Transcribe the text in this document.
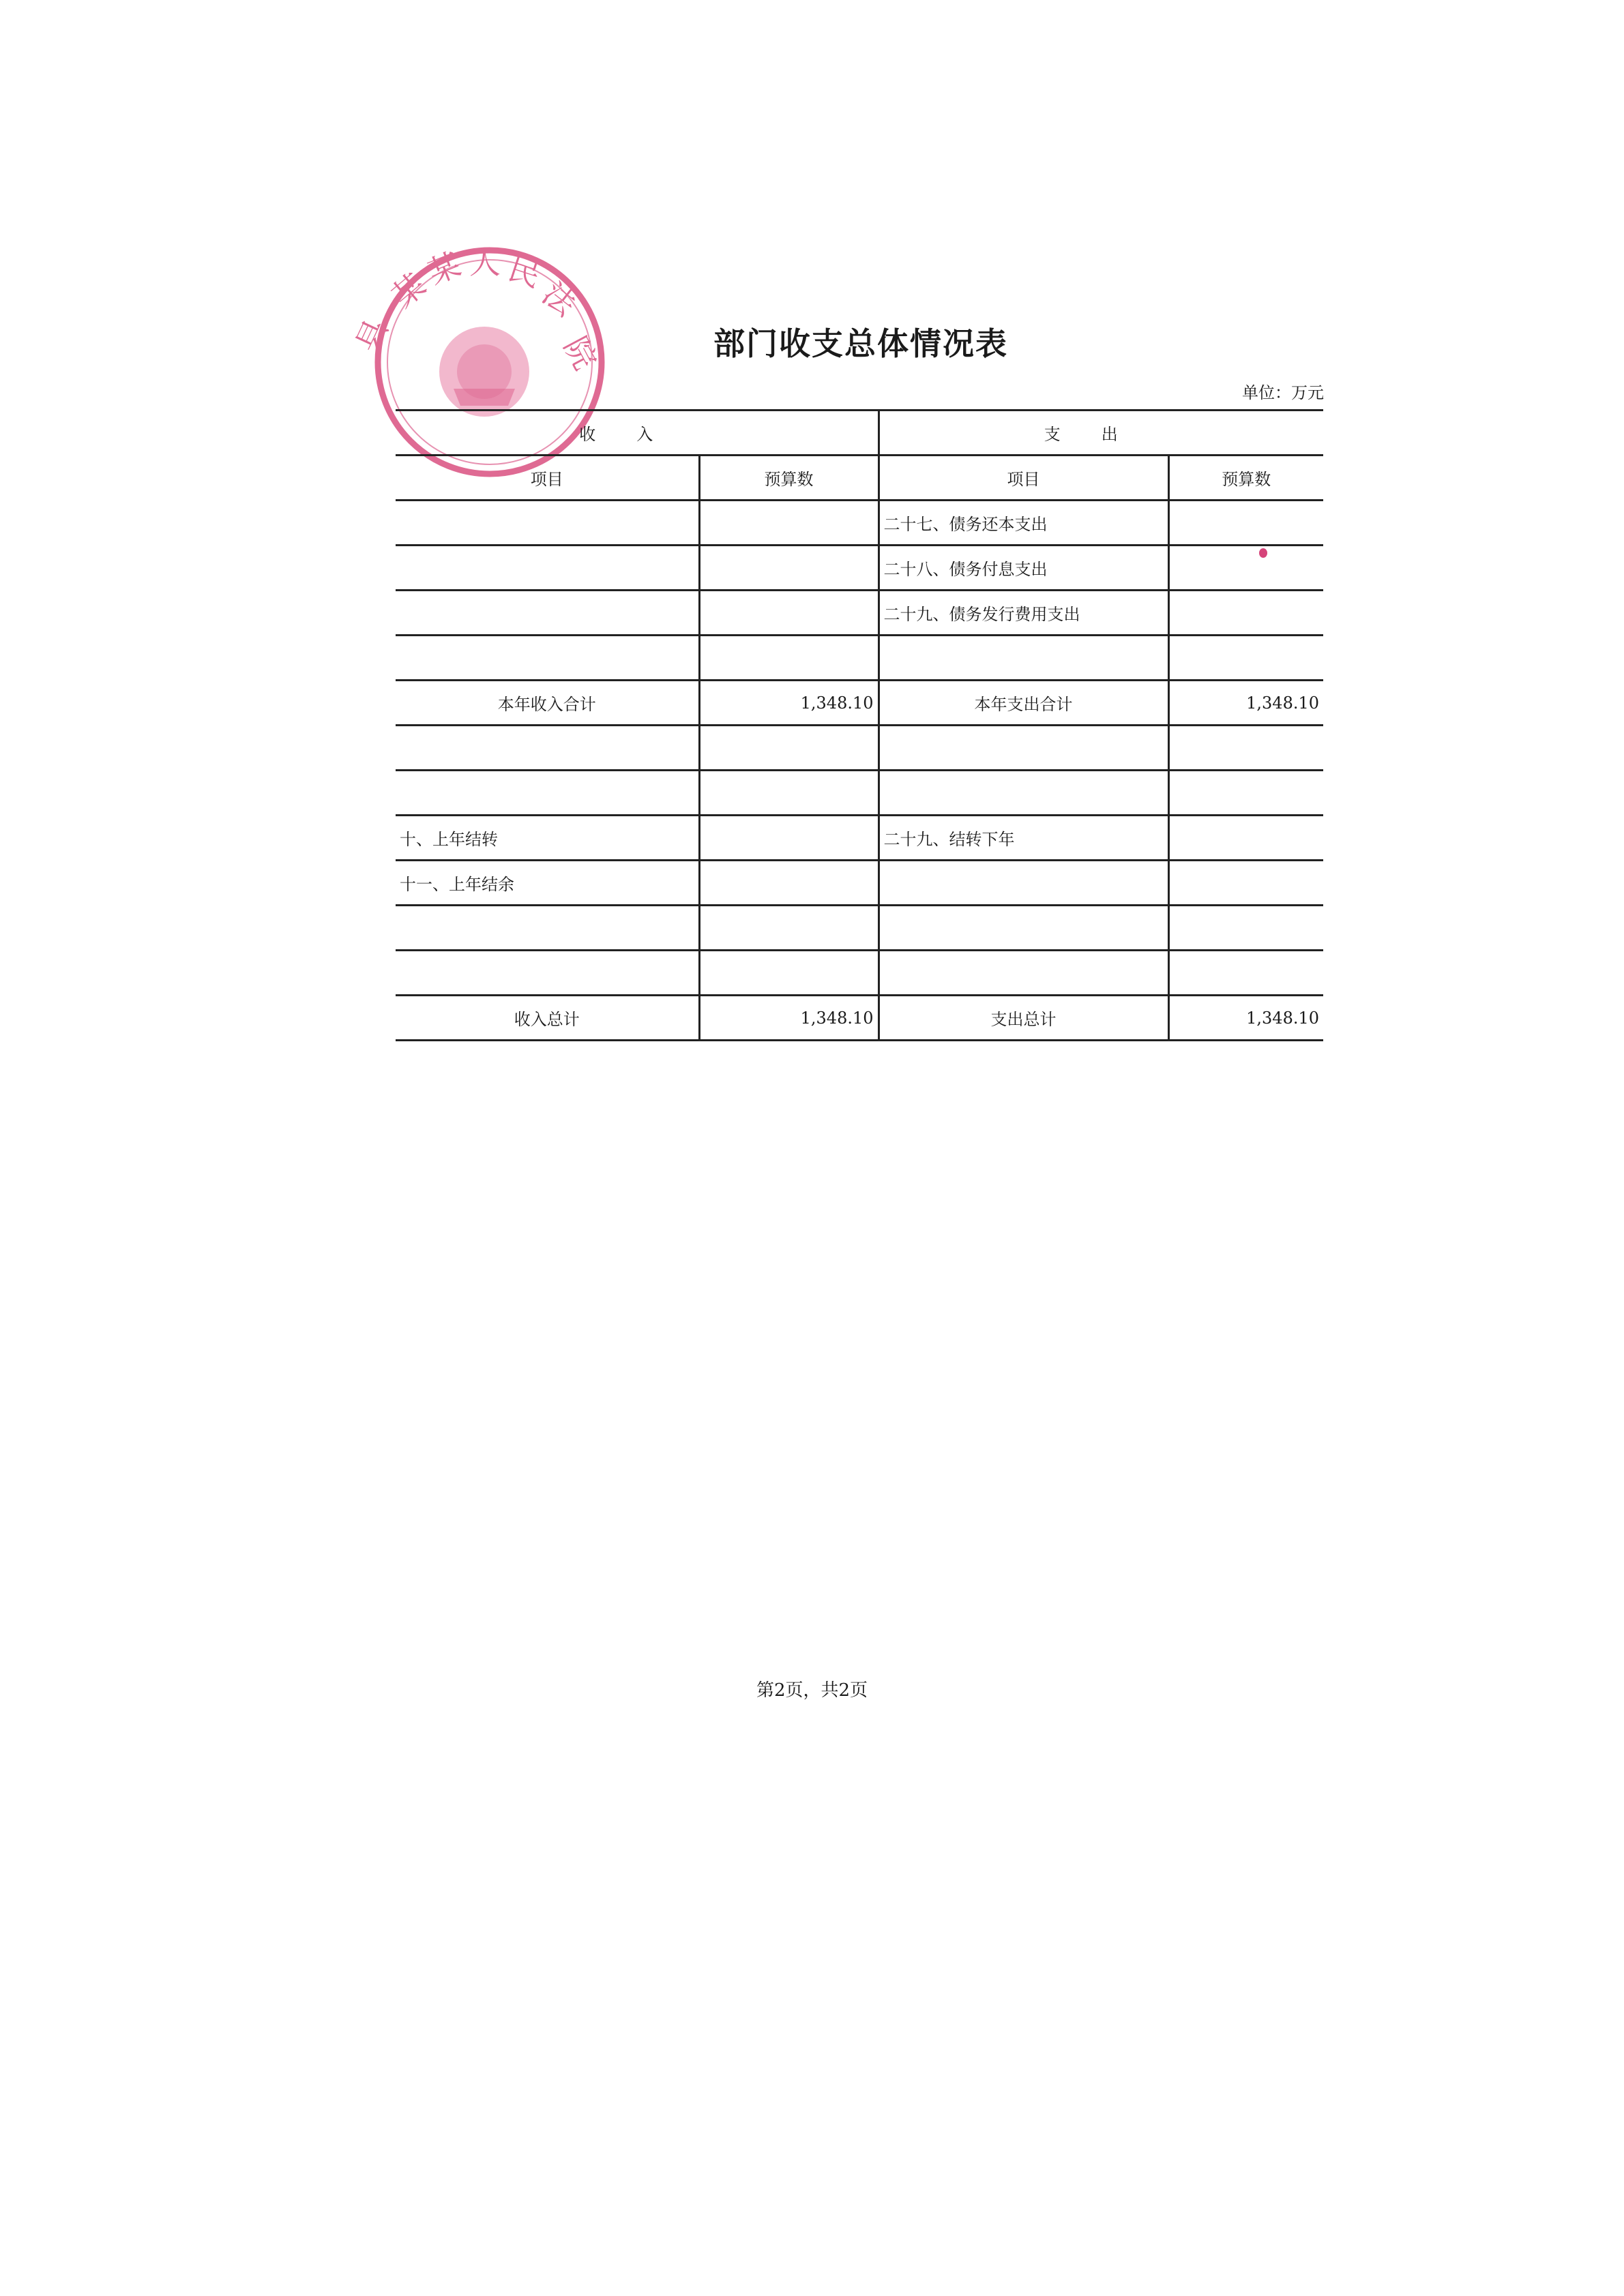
某
某 人 民
法
院
县	部门收支总体情况表
单位：万元
收入		支出	
项目	预算数	项目	预算数
		二十七、债务还本支出	
		二十八、债务付息支出	
		二十九、债务发行费用支出	

本年收入合计	1,348.10	本年支出合计	1,348.10

十、上年结转		二十九、结转下年	
十一、上年结余			

收入总计	1,348.10	支出总计	1,348.10
第2页，共2页
